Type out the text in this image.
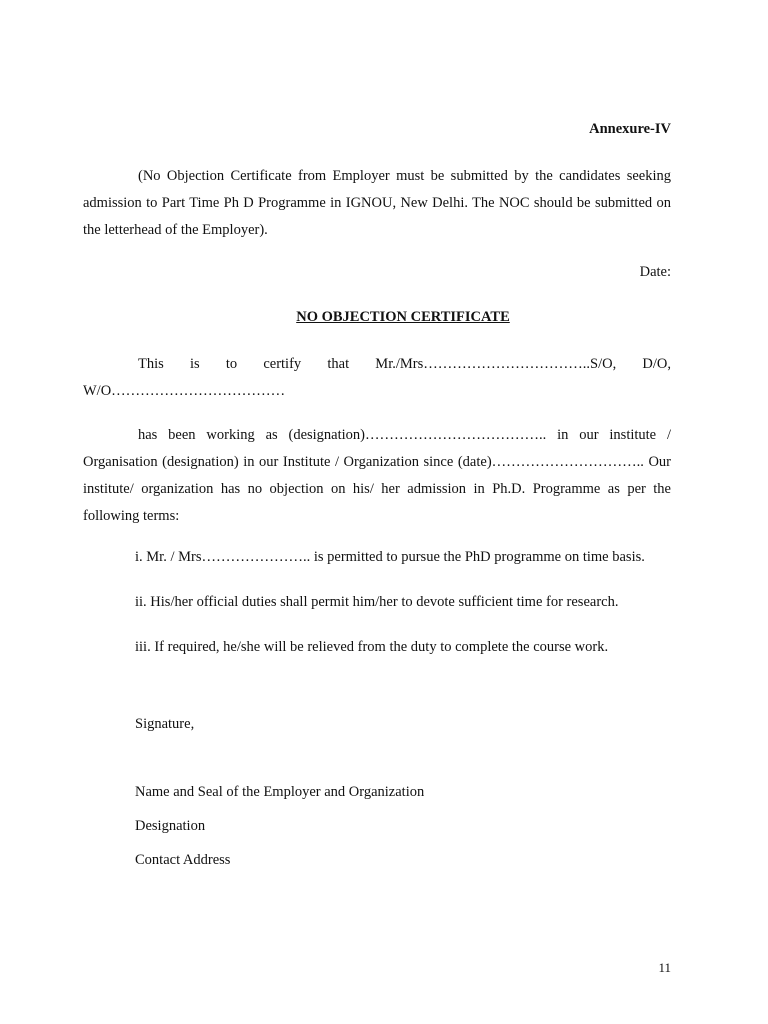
Annexure-IV

(No Objection Certificate from Employer must be submitted by the candidates seeking admission to Part Time Ph D Programme in IGNOU, New Delhi. The NOC should be submitted on the letterhead of the Employer).

Date:
NO OBJECTION CERTIFICATE

This is to certify that Mr./Mrs……………………………..S/O, D/O, W/O………………………………

has been working as (designation)……………………………….. in our institute / Organisation (designation) in our Institute / Organization since (date)………………………….. Our institute/ organization has no objection on his/ her admission in Ph.D. Programme as per the following terms:

i. Mr. / Mrs………………….. is permitted to pursue the PhD programme on time basis.

ii. His/her official duties shall permit him/her to devote sufficient time for research.

iii. If required, he/she will be relieved from the duty to complete the course work.

Signature,
Name and Seal of the Employer and Organization
Designation
Contact Address
11
